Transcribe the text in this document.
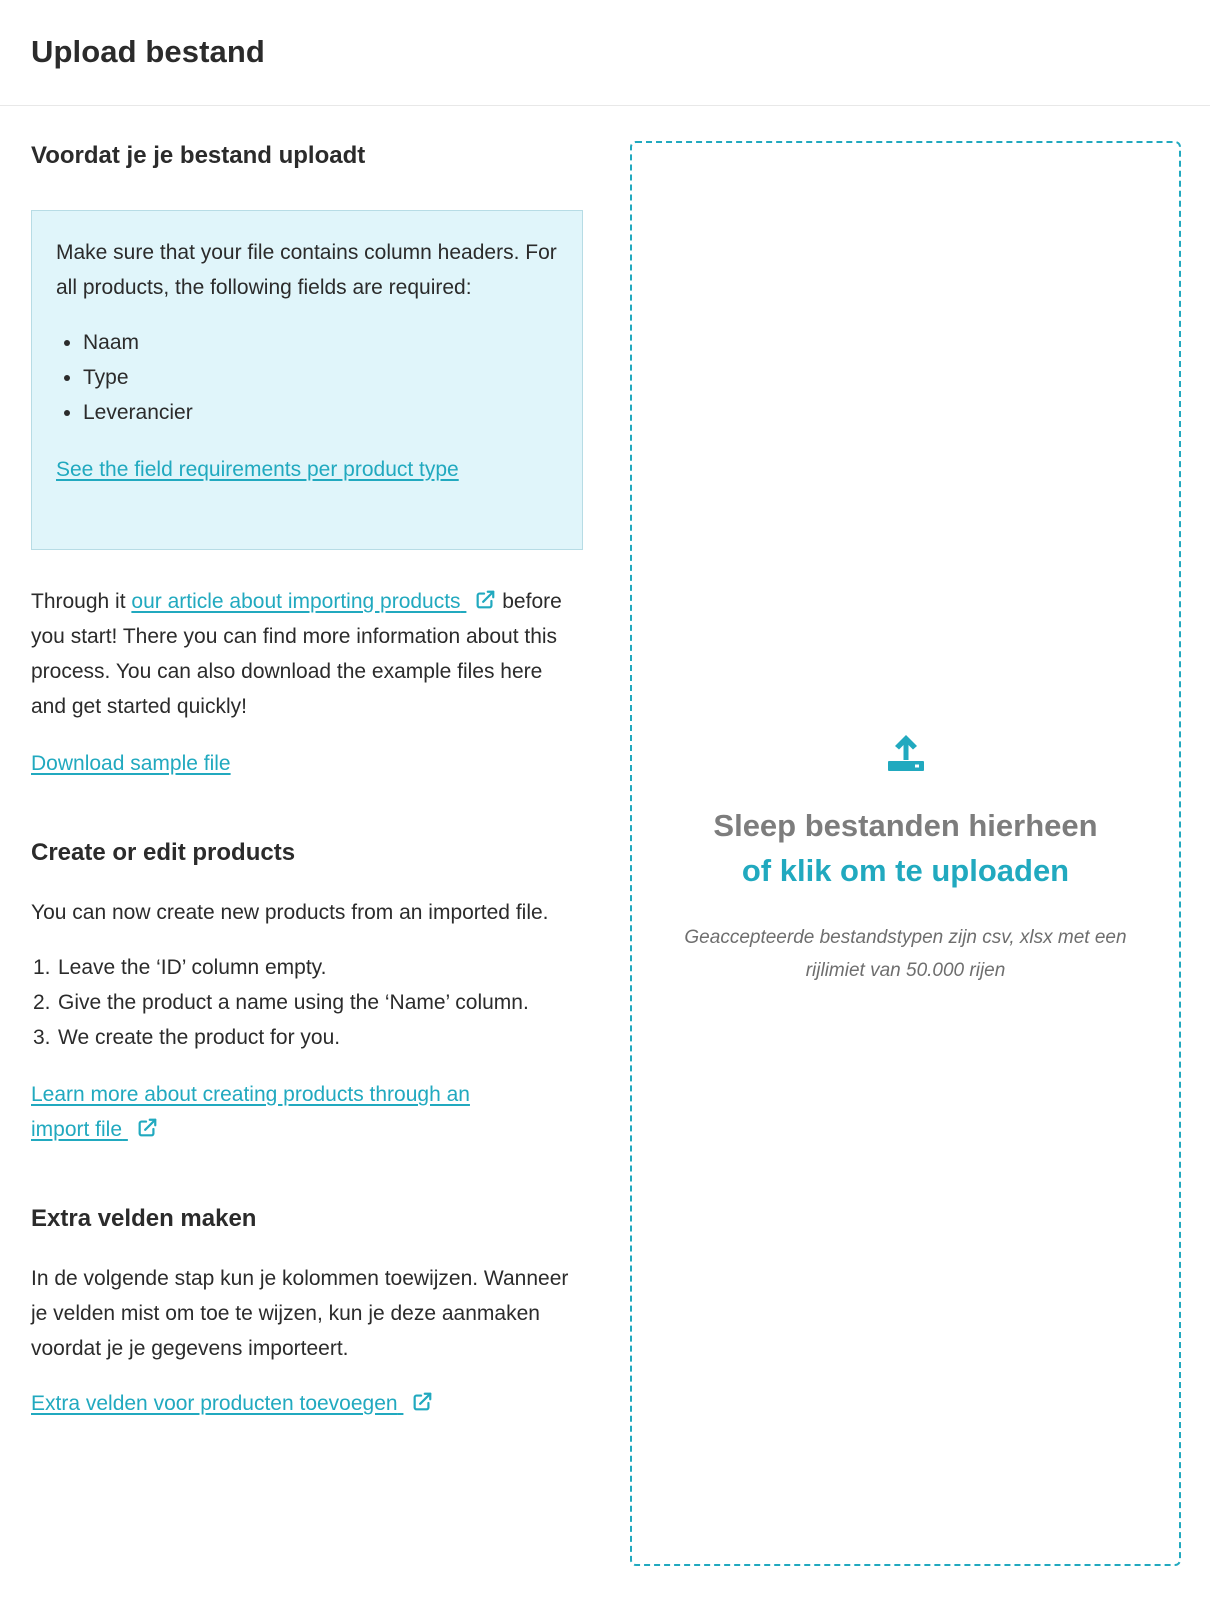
Upload bestand
Voordat je je bestand uploadt
Make sure that your file contains column headers. For all products, the following fields are required:
Naam
Type
Leverancier
See the field requirements per product type
Through it our article about importing products before you start! There you can find more information about this process. You can also download the example files here and get started quickly!
Download sample file
Create or edit products
You can now create new products from an imported file.
1. Leave the ‘ID’ column empty.
2. Give the product a name using the ‘Name’ column.
3. We create the product for you.
Learn more about creating products through an import file
Extra velden maken
In de volgende stap kun je kolommen toewijzen. Wanneer je velden mist om toe te wijzen, kun je deze aanmaken voordat je je gegevens importeert.
Extra velden voor producten toevoegen
Sleep bestanden hierheen
of klik om te uploaden
Geaccepteerde bestandstypen zijn csv, xlsx met een rijlimiet van 50.000 rijen
